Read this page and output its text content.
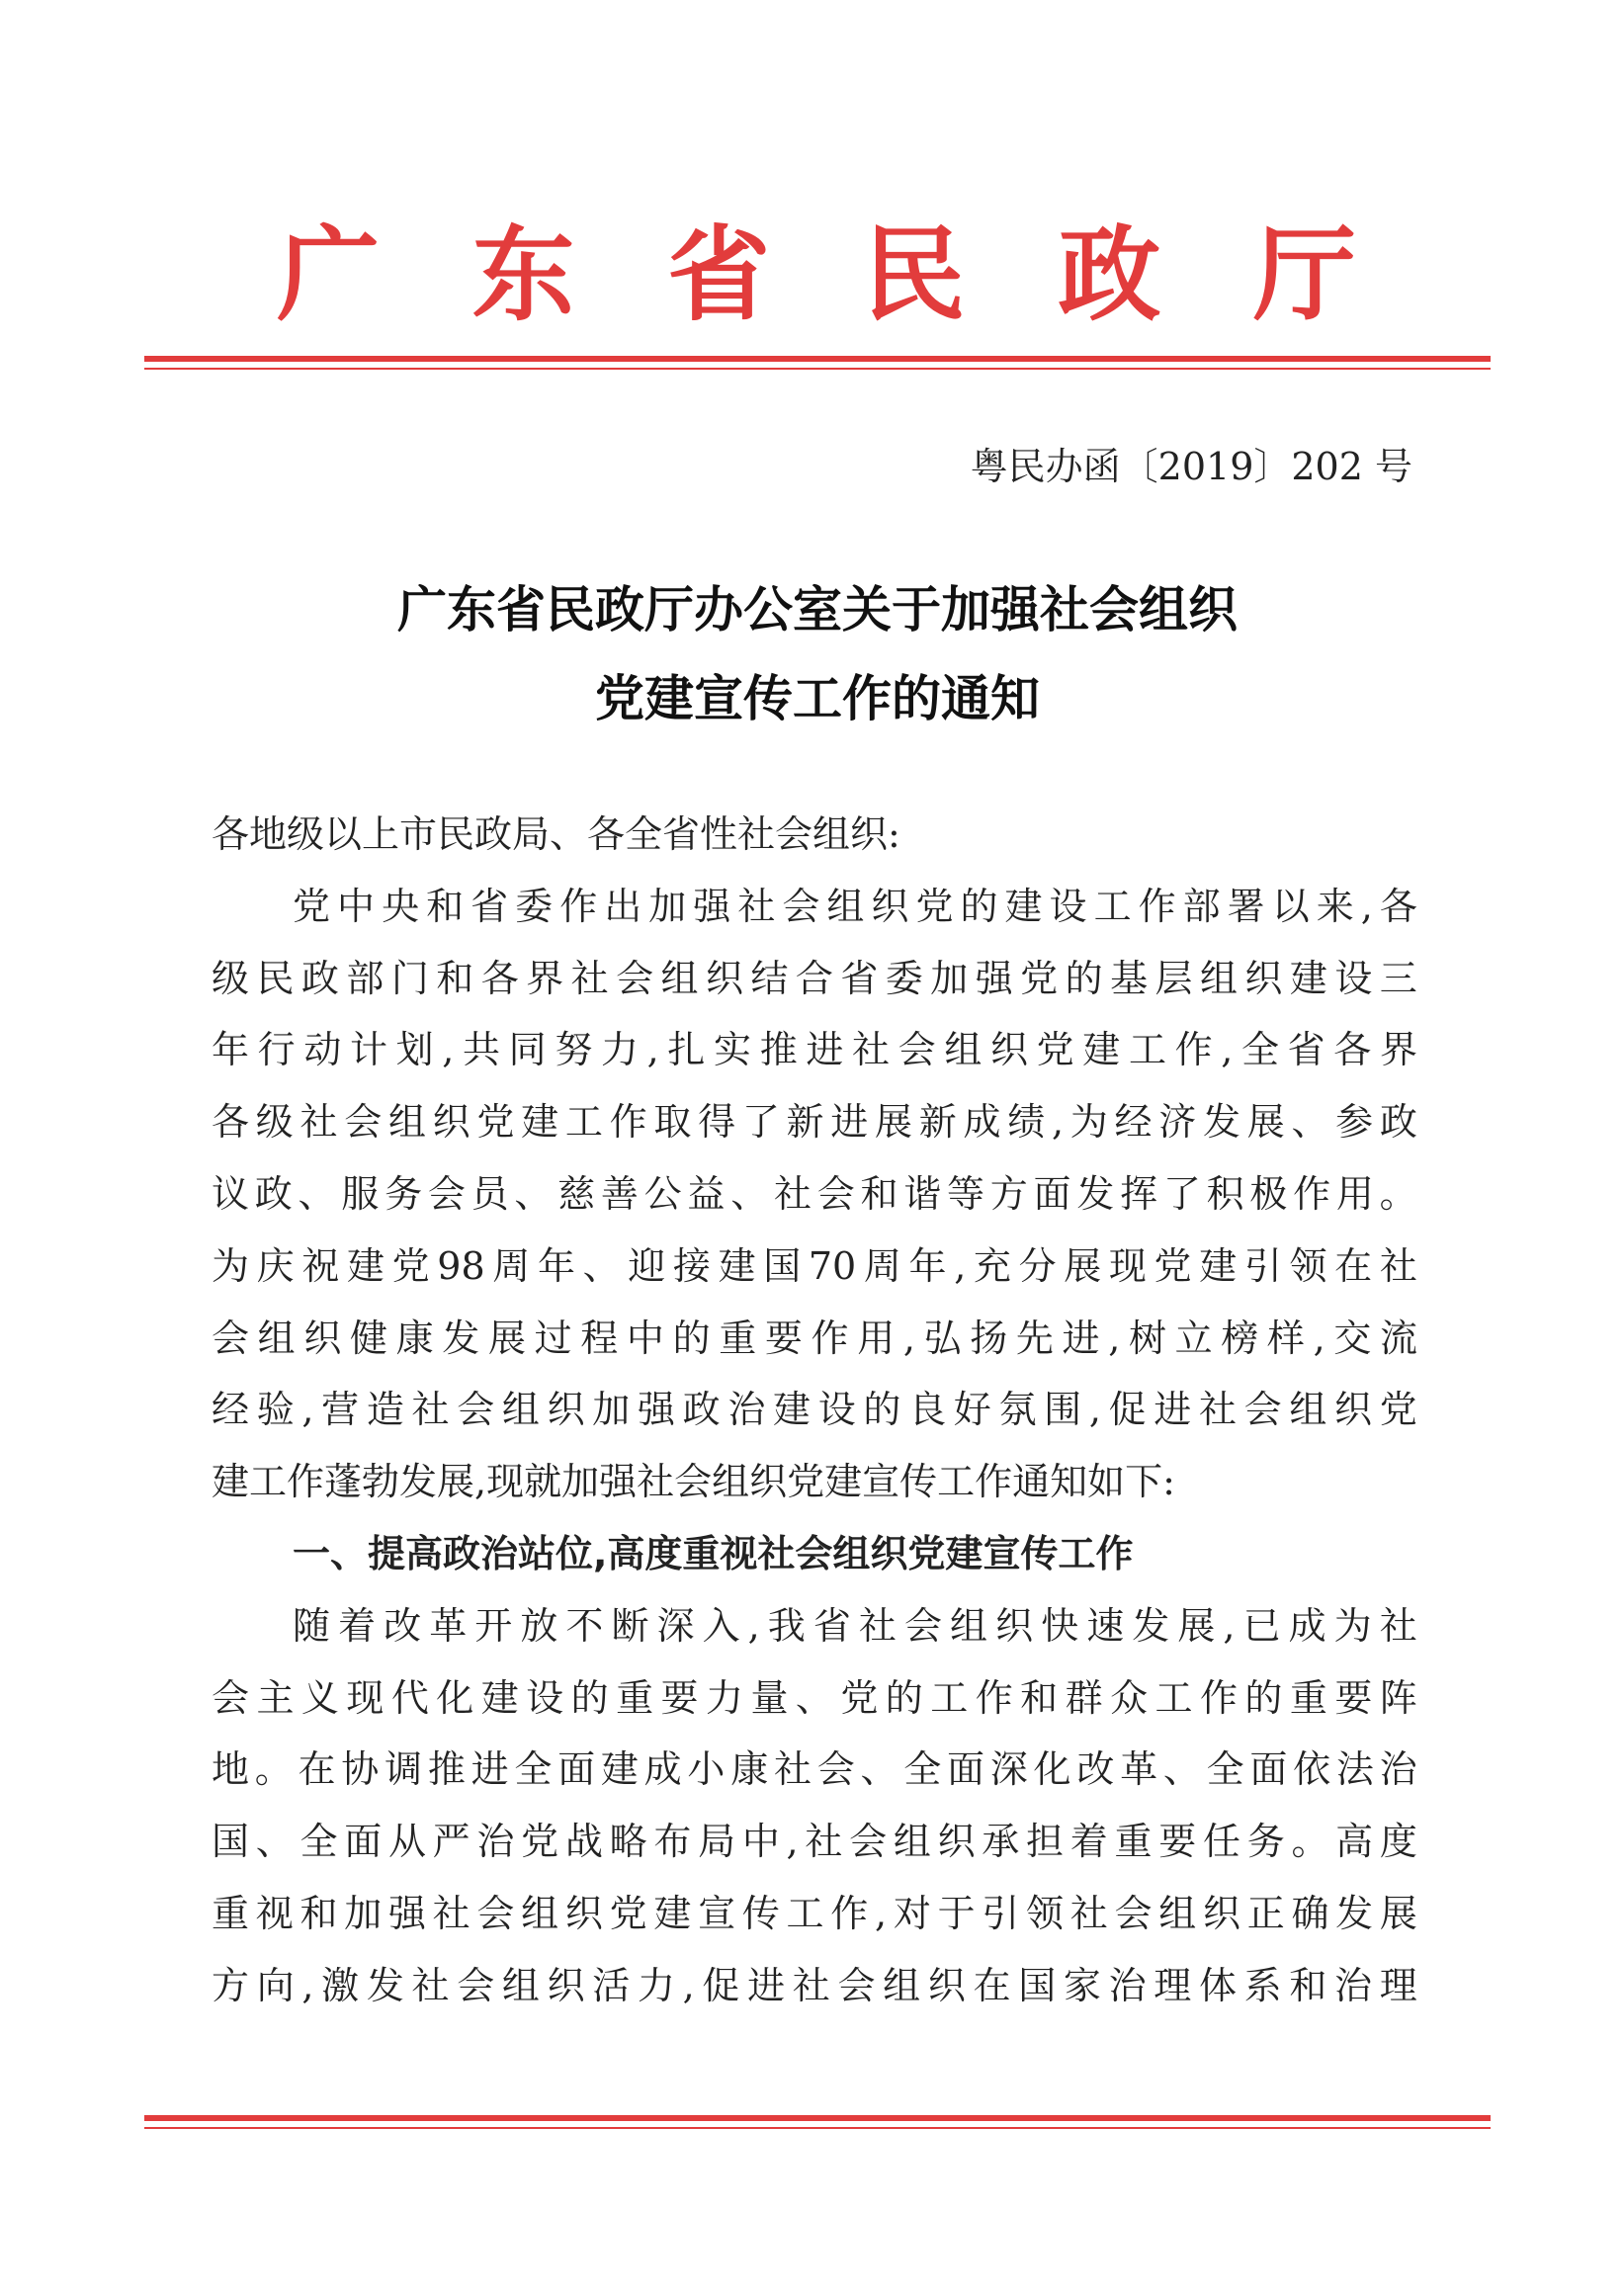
广 东 省 民 政 厅
粤民办函〔2019〕202 号
广东省民政厅办公室关于加强社会组织
党建宣传工作的通知
各地级以上市民政局、各全省性社会组织:
党 中 央 和 省 委 作 出 加 强 社 会 组 织 党 的 建 设 工 作 部 署 以 来 , 各
级 民 政 部 门 和 各 界 社 会 组 织 结 合 省 委 加 强 党 的 基 层 组 织 建 设 三
年 行 动 计 划 , 共 同 努 力 , 扎 实 推 进 社 会 组 织 党 建 工 作 , 全 省 各 界
各 级 社 会 组 织 党 建 工 作 取 得 了 新 进 展 新 成 绩 , 为 经 济 发 展 、 参 政
议 政 、 服 务 会 员 、 慈 善 公 益 、 社 会 和 谐 等 方 面 发 挥 了 积 极 作 用 。
为 庆 祝 建 党 98 周 年 、 迎 接 建 国 70 周 年 , 充 分 展 现 党 建 引 领 在 社
会 组 织 健 康 发 展 过 程 中 的 重 要 作 用 , 弘 扬 先 进 , 树 立 榜 样 , 交 流
经 验 , 营 造 社 会 组 织 加 强 政 治 建 设 的 良 好 氛 围 , 促 进 社 会 组 织 党
建工作蓬勃发展,现就加强社会组织党建宣传工作通知如下:
一、提高政治站位,高度重视社会组织党建宣传工作
随 着 改 革 开 放 不 断 深 入 , 我 省 社 会 组 织 快 速 发 展 , 已 成 为 社
会 主 义 现 代 化 建 设 的 重 要 力 量 、 党 的 工 作 和 群 众 工 作 的 重 要 阵
地 。 在 协 调 推 进 全 面 建 成 小 康 社 会 、 全 面 深 化 改 革 、 全 面 依 法 治
国 、 全 面 从 严 治 党 战 略 布 局 中 , 社 会 组 织 承 担 着 重 要 任 务 。 高 度
重 视 和 加 强 社 会 组 织 党 建 宣 传 工 作 , 对 于 引 领 社 会 组 织 正 确 发 展
方 向 , 激 发 社 会 组 织 活 力 , 促 进 社 会 组 织 在 国 家 治 理 体 系 和 治 理
